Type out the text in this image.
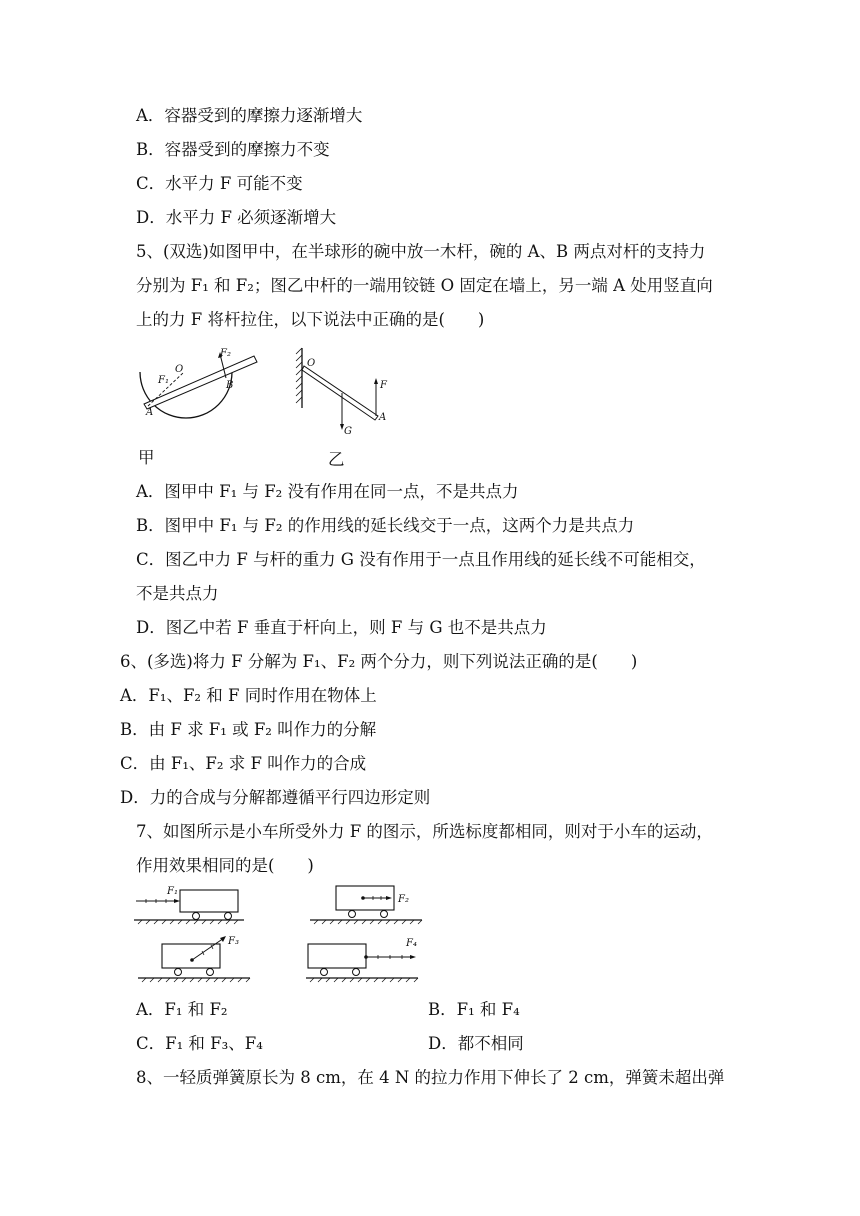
A．容器受到的摩擦力逐渐增大
B．容器受到的摩擦力不变
C．水平力 F 可能不变
D．水平力 F 必须逐渐增大
5、(双选)如图甲中，在半球形的碗中放一木杆，碗的 A、B 两点对杆的支持力
分别为 F₁ 和 F₂；图乙中杆的一端用铰链 O 固定在墙上，另一端 A 处用竖直向
上的力 F 将杆拉住，以下说法中正确的是(　　)
O
A
B
F₁
F₂
O
F
A
G
甲	乙
A．图甲中 F₁ 与 F₂ 没有作用在同一点，不是共点力
B．图甲中 F₁ 与 F₂ 的作用线的延长线交于一点，这两个力是共点力
C．图乙中力 F 与杆的重力 G 没有作用于一点且作用线的延长线不可能相交，
不是共点力
D．图乙中若 F 垂直于杆向上，则 F 与 G 也不是共点力
6、(多选)将力 F 分解为 F₁、F₂ 两个分力，则下列说法正确的是(　　)
A．F₁、F₂ 和 F 同时作用在物体上
B．由 F 求 F₁ 或 F₂ 叫作力的分解
C．由 F₁、F₂ 求 F 叫作力的合成
D．力的合成与分解都遵循平行四边形定则
7、如图所示是小车所受外力 F 的图示，所选标度都相同，则对于小车的运动，
作用效果相同的是(　　)
F₁
F₂
F₃	F₄
A．F₁ 和 F₂	B．F₁ 和 F₄
C．F₁ 和 F₃、F₄	D．都不相同
8、一轻质弹簧原长为 8 cm，在 4 N 的拉力作用下伸长了 2 cm，弹簧未超出弹
